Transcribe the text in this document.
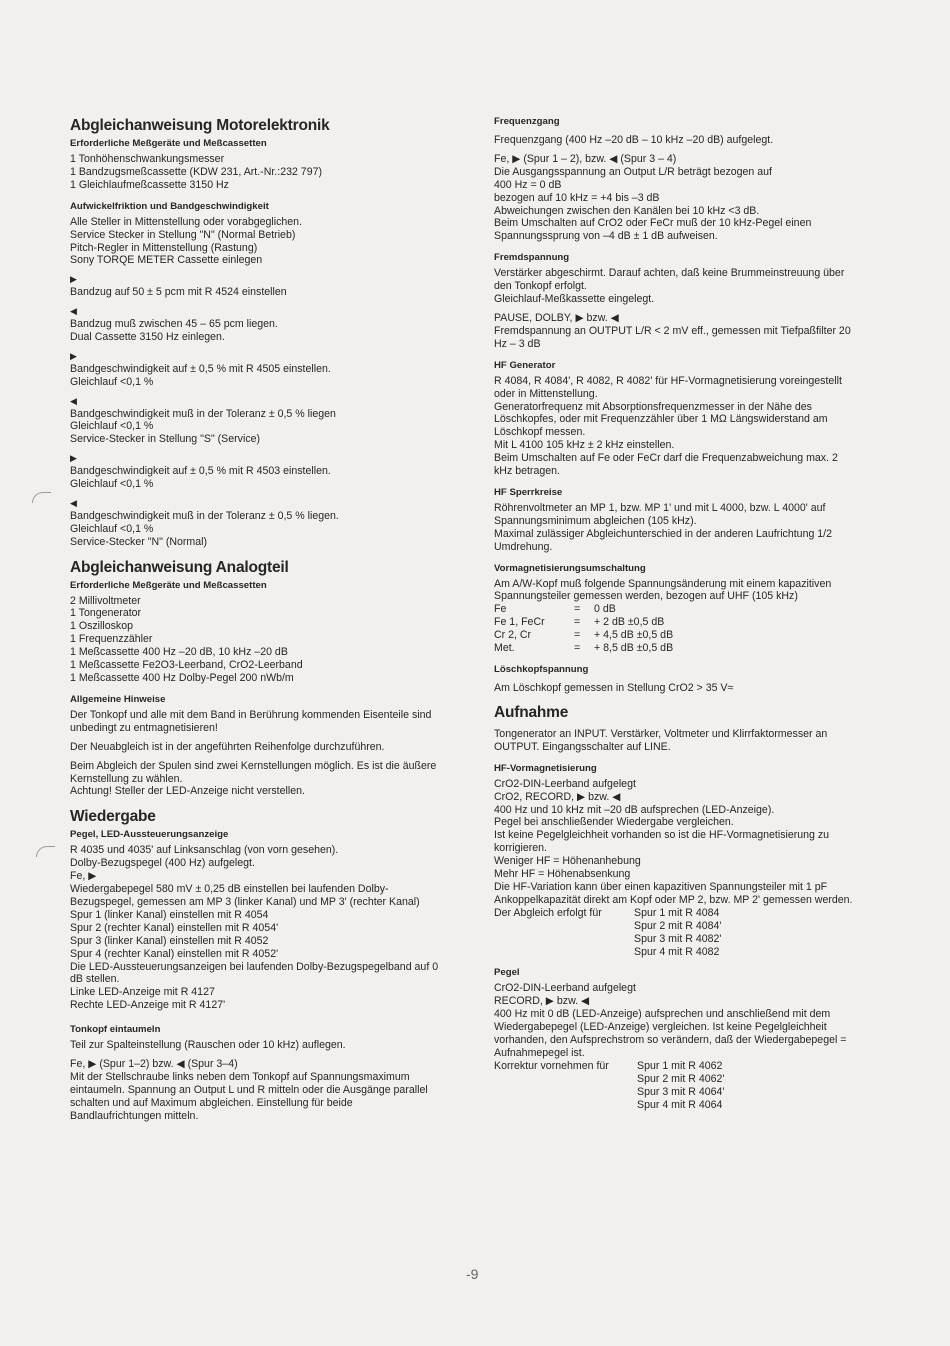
Abgleichanweisung Motorelektronik
Erforderliche Meßgeräte und Meßcassetten

1 Tonhöhenschwankungsmesser

1 Bandzugsmeßcassette (KDW 231, Art.-Nr.:232 797)

1 Gleichlaufmeßcassette 3150 Hz

Aufwickelfriktion und Bandgeschwindigkeit

Alle Steller in Mittenstellung oder vorabgeglichen.

Service Stecker in Stellung "N" (Normal Betrieb)

Pitch-Regler in Mittenstellung (Rastung)

Sony TORQE METER Cassette einlegen

▶

Bandzug auf 50 ± 5 pcm mit R 4524 einstellen

◀

Bandzug muß zwischen 45 – 65 pcm liegen.

Dual Cassette 3150 Hz einlegen.

▶

Bandgeschwindigkeit auf ± 0,5 % mit R 4505 einstellen.

Gleichlauf <0,1 %

◀

Bandgeschwindigkeit muß in der Toleranz ± 0,5 % liegen

Gleichlauf <0,1 %

Service-Stecker in Stellung "S" (Service)

▶

Bandgeschwindigkeit auf ± 0,5 % mit R 4503 einstellen.

Gleichlauf <0,1 %

◀

Bandgeschwindigkeit muß in der Toleranz ± 0,5 % liegen.

Gleichlauf <0,1 %

Service-Stecker "N" (Normal)

Abgleichanweisung Analogteil
Erforderliche Meßgeräte und Meßcassetten

2 Millivoltmeter

1 Tongenerator

1 Oszilloskop

1 Frequenzzähler

1 Meßcassette 400 Hz –20 dB, 10 kHz –20 dB

1 Meßcassette Fe2O3-Leerband, CrO2-Leerband

1 Meßcassette 400 Hz Dolby-Pegel 200 nWb/m

Allgemeine Hinweise

Der Tonkopf und alle mit dem Band in Berührung kommenden Eisenteile sind unbedingt zu entmagnetisieren!

Der Neuabgleich ist in der angeführten Reihenfolge durchzuführen.

Beim Abgleich der Spulen sind zwei Kernstellungen möglich. Es ist die äußere Kernstellung zu wählen.

Achtung! Steller der LED-Anzeige nicht verstellen.

Wiedergabe
Pegel, LED-Aussteuerungsanzeige

R 4035 und 4035' auf Linksanschlag (von vorn gesehen).

Dolby-Bezugspegel (400 Hz) aufgelegt.

Fe, ▶

Wiedergabepegel 580 mV ± 0,25 dB einstellen bei laufenden Dolby-Bezugspegel, gemessen am MP 3 (linker Kanal) und MP 3' (rechter Kanal)

Spur 1 (linker Kanal) einstellen mit R 4054

Spur 2 (rechter Kanal) einstellen mit R 4054'

Spur 3 (linker Kanal) einstellen mit R 4052

Spur 4 (rechter Kanal) einstellen mit R 4052'

Die LED-Aussteuerungsanzeigen bei laufenden Dolby-Bezugspegelband auf 0 dB stellen.

Linke LED-Anzeige mit R 4127

Rechte LED-Anzeige mit R 4127'

Tonkopf eintaumeln

Teil zur Spalteinstellung (Rauschen oder 10 kHz) auflegen.

Fe, ▶ (Spur 1–2) bzw. ◀ (Spur 3–4)

Mit der Stellschraube links neben dem Tonkopf auf Spannungsmaximum eintaumeln. Spannung an Output L und R mitteln oder die Ausgänge parallel schalten und auf Maximum abgleichen. Einstellung für beide Bandlaufrichtungen mitteln.

Frequenzgang

Frequenzgang (400 Hz –20 dB – 10 kHz –20 dB) aufgelegt.

Fe, ▶ (Spur 1 – 2), bzw. ◀ (Spur 3 – 4)

Die Ausgangsspannung an Output L/R beträgt bezogen auf

400 Hz = 0 dB

bezogen auf 10 kHz = +4 bis –3 dB

Abweichungen zwischen den Kanälen bei 10 kHz <3 dB.

Beim Umschalten auf CrO2 oder FeCr muß der 10 kHz-Pegel einen Spannungssprung von –4 dB ± 1 dB aufweisen.

Fremdspannung

Verstärker abgeschirmt. Darauf achten, daß keine Brummeinstreuung über den Tonkopf erfolgt.

Gleichlauf-Meßkassette eingelegt.

PAUSE, DOLBY, ▶ bzw. ◀

Fremdspannung an OUTPUT L/R < 2 mV eff., gemessen mit Tiefpaßfilter 20 Hz – 3 dB

HF Generator

R 4084, R 4084', R 4082, R 4082' für HF-Vormagnetisierung voreingestellt oder in Mittenstellung.

Generatorfrequenz mit Absorptionsfrequenzmesser in der Nähe des Löschkopfes, oder mit Frequenzzähler über 1 MΩ Längswiderstand am Löschkopf messen.

Mit L 4100 105 kHz ± 2 kHz einstellen.

Beim Umschalten auf Fe oder FeCr darf die Frequenzabweichung max. 2 kHz betragen.

HF Sperrkreise

Röhrenvoltmeter an MP 1, bzw. MP 1' und mit L 4000, bzw. L 4000' auf Spannungsminimum abgleichen (105 kHz).

Maximal zulässiger Abgleichunterschied in der anderen Laufrichtung 1/2 Umdrehung.

Vormagnetisierungsumschaltung

Am A/W-Kopf muß folgende Spannungsänderung mit einem kapazitiven Spannungsteiler gemessen werden, bezogen auf UHF (105 kHz)

Fe	=	0 dB
Fe 1, FeCr	=	+ 2 dB ±0,5 dB
Cr 2, Cr	=	+ 4,5 dB ±0,5 dB
Met.	=	+ 8,5 dB ±0,5 dB
Löschkopfspannung

Am Löschkopf gemessen in Stellung CrO2 > 35 V≈

Aufnahme

Tongenerator an INPUT. Verstärker, Voltmeter und Klirrfaktormesser an OUTPUT. Eingangsschalter auf LINE.

HF-Vormagnetisierung

CrO2-DIN-Leerband aufgelegt

CrO2, RECORD, ▶ bzw. ◀

400 Hz und 10 kHz mit –20 dB aufsprechen (LED-Anzeige).

Pegel bei anschließender Wiedergabe vergleichen.

Ist keine Pegelgleichheit vorhanden so ist die HF-Vormagnetisierung zu korrigieren.

Weniger HF = Höhenanhebung

Mehr HF = Höhenabsenkung

Die HF-Variation kann über einen kapazitiven Spannungsteiler mit 1 pF Ankoppelkapazität direkt am Kopf oder MP 2, bzw. MP 2' gemessen werden.

Der Abgleich erfolgt für	Spur 1 mit R 4084

Spur 2 mit R 4084'

Spur 3 mit R 4082'

Spur 4 mit R 4082

Pegel

CrO2-DIN-Leerband aufgelegt

RECORD, ▶ bzw. ◀

400 Hz mit 0 dB (LED-Anzeige) aufsprechen und anschließend mit dem Wiedergabepegel (LED-Anzeige) vergleichen. Ist keine Pegelgleichheit vorhanden, den Aufsprechstrom so verändern, daß der Wiedergabepegel = Aufnahmepegel ist.

Korrektur vornehmen für	Spur 1 mit R 4062

Spur 2 mit R 4062'

Spur 3 mit R 4064'

Spur 4 mit R 4064

-9
